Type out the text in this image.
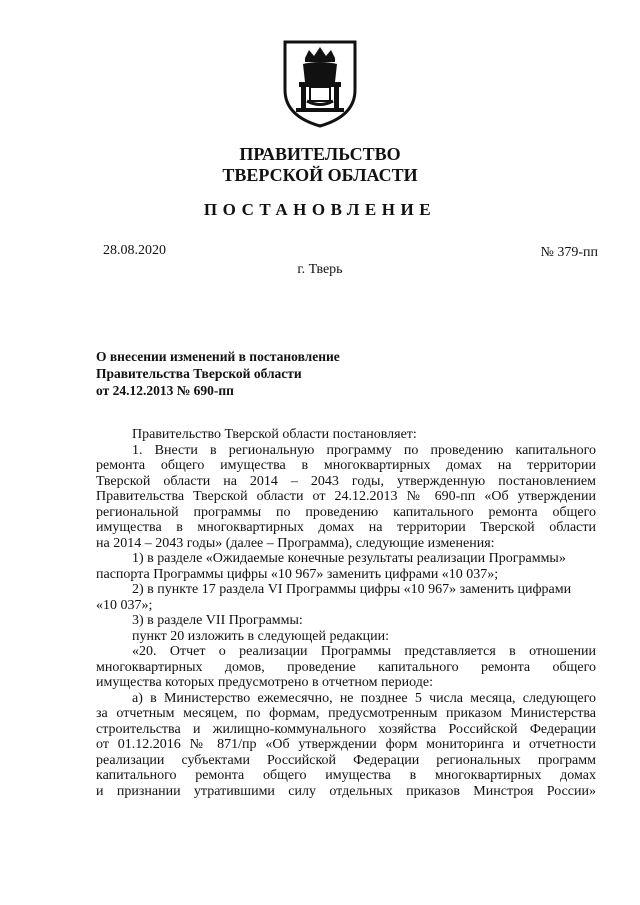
ПРАВИТЕЛЬСТВО
ТВЕРСКОЙ ОБЛАСТИ
ПОСТАНОВЛЕНИЕ
28.08.2020	№ 379-пп
г. Тверь
О внесении изменений в постановление
Правительства Тверской области
от 24.12.2013 № 690-пп
Правительство Тверской области постановляет:
1. Внести в региональную программу по проведению капитального
ремонта общего имущества в многоквартирных домах на территории
Тверской области на 2014 – 2043 годы, утвержденную постановлением
Правительства Тверской области от 24.12.2013 № 690-пп «Об утверждении
региональной программы по проведению капитального ремонта общего
имущества в многоквартирных домах на территории Тверской области
на 2014 – 2043 годы» (далее – Программа), следующие изменения:
1) в разделе «Ожидаемые конечные результаты реализации Программы»
паспорта Программы цифры «10 967» заменить цифрами «10 037»;
2) в пункте 17 раздела VI Программы цифры «10 967» заменить цифрами
«10 037»;
3) в разделе VII Программы:
пункт 20 изложить в следующей редакции:
«20. Отчет о реализации Программы представляется в отношении
многоквартирных домов, проведение капитального ремонта общего
имущества которых предусмотрено в отчетном периоде:
а) в Министерство ежемесячно, не позднее 5 числа месяца, следующего
за отчетным месяцем, по формам, предусмотренным приказом Министерства
строительства и жилищно-коммунального хозяйства Российской Федерации
от 01.12.2016 № 871/пр «Об утверждении форм мониторинга и отчетности
реализации субъектами Российской Федерации региональных программ
капитального ремонта общего имущества в многоквартирных домах
и признании утратившими силу отдельных приказов Минстроя России»
